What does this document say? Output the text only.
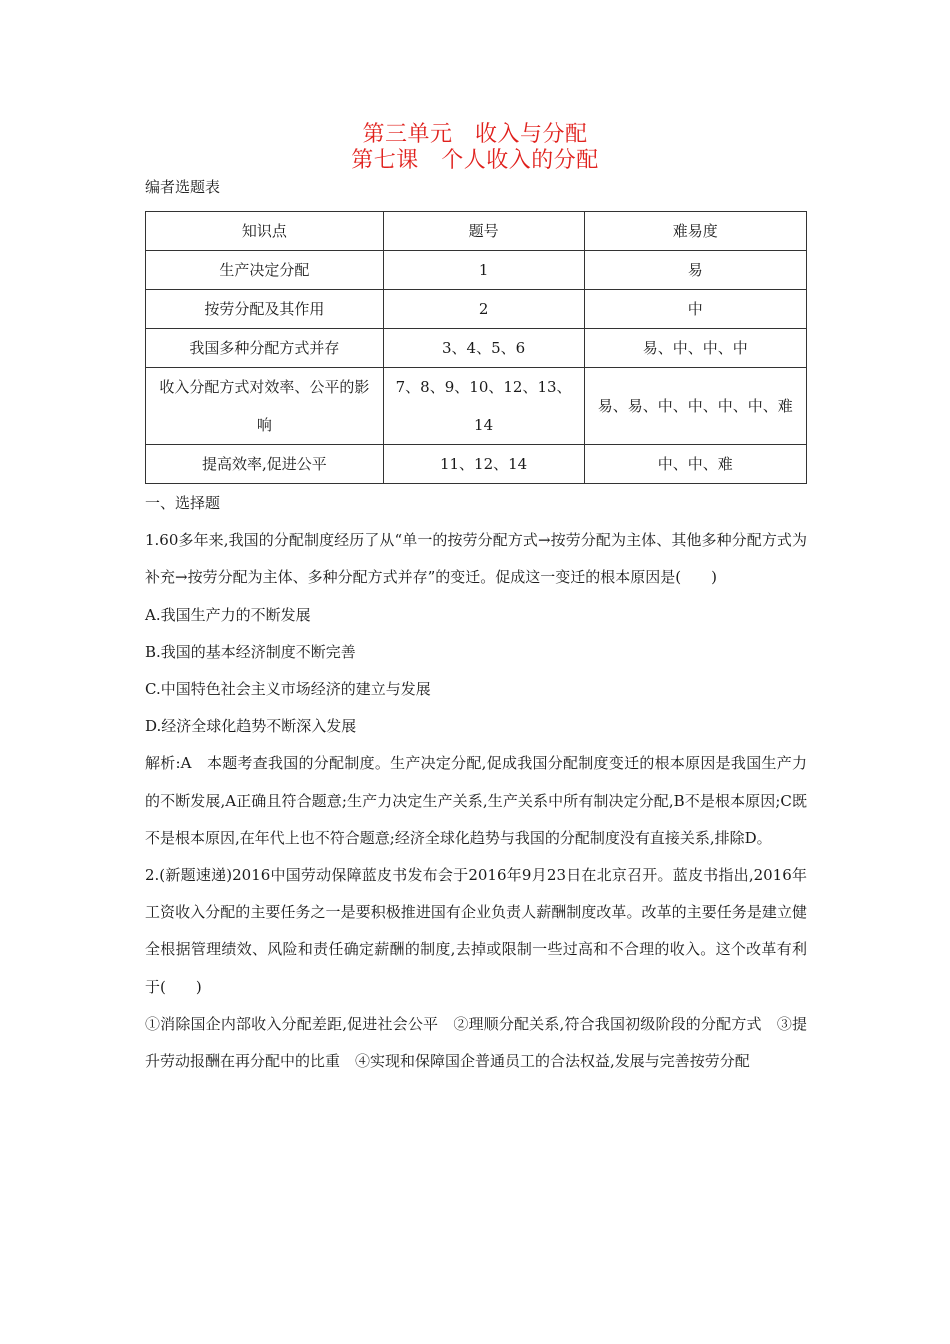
第三单元　收入与分配
第七课　个人收入的分配
编者选题表
知识点	题号	难易度
生产决定分配	1	易
按劳分配及其作用	2	中
我国多种分配方式并存	3、4、5、6	易、中、中、中
收入分配方式对效率、公平的影响	7、8、9、10、12、13、14	易、易、中、中、中、中、难
提高效率,促进公平	11、12、14	中、中、难

一、选择题

1.60多年来,我国的分配制度经历了从“单一的按劳分配方式→按劳分配为主体、其他多种分配方式为补充→按劳分配为主体、多种分配方式并存”的变迁。促成这一变迁的根本原因是(　　)

A.我国生产力的不断发展

B.我国的基本经济制度不断完善

C.中国特色社会主义市场经济的建立与发展

D.经济全球化趋势不断深入发展

解析:A　本题考查我国的分配制度。生产决定分配,促成我国分配制度变迁的根本原因是我国生产力的不断发展,A正确且符合题意;生产力决定生产关系,生产关系中所有制决定分配,B不是根本原因;C既不是根本原因,在年代上也不符合题意;经济全球化趋势与我国的分配制度没有直接关系,排除D。

2.(新题速递)2016中国劳动保障蓝皮书发布会于2016年9月23日在北京召开。蓝皮书指出,2016年工资收入分配的主要任务之一是要积极推进国有企业负责人薪酬制度改革。改革的主要任务是建立健全根据管理绩效、风险和责任确定薪酬的制度,去掉或限制一些过高和不合理的收入。这个改革有利于(　　)

①消除国企内部收入分配差距,促进社会公平　②理顺分配关系,符合我国初级阶段的分配方式　③提升劳动报酬在再分配中的比重　④实现和保障国企普通员工的合法权益,发展与完善按劳分配
